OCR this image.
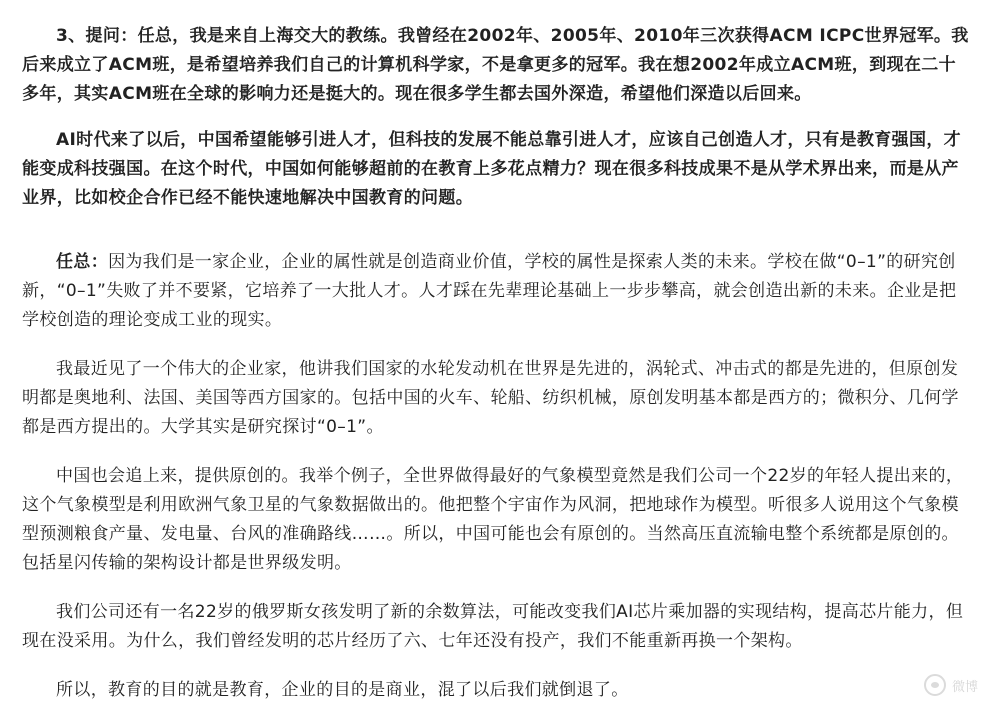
3、提问：任总，我是来自上海交大的教练。我曾经在2002年、2005年、2010年三次获得ACM ICPC世界冠军。我后来成立了ACM班，是希望培养我们自己的计算机科学家，不是拿更多的冠军。我在想2002年成立ACM班，到现在二十多年，其实ACM班在全球的影响力还是挺大的。现在很多学生都去国外深造，希望他们深造以后回来。

AI时代来了以后，中国希望能够引进人才，但科技的发展不能总靠引进人才，应该自己创造人才，只有是教育强国，才能变成科技强国。在这个时代，中国如何能够超前的在教育上多花点精力？现在很多科技成果不是从学术界出来，而是从产业界，比如校企合作已经不能快速地解决中国教育的问题。

任总：因为我们是一家企业，企业的属性就是创造商业价值，学校的属性是探索人类的未来。学校在做“0–1”的研究创新，“0–1”失败了并不要紧，它培养了一大批人才。人才踩在先辈理论基础上一步步攀高，就会创造出新的未来。企业是把学校创造的理论变成工业的现实。

我最近见了一个伟大的企业家，他讲我们国家的水轮发动机在世界是先进的，涡轮式、冲击式的都是先进的，但原创发明都是奥地利、法国、美国等西方国家的。包括中国的火车、轮船、纺织机械，原创发明基本都是西方的；微积分、几何学都是西方提出的。大学其实是研究探讨“0–1”。

中国也会追上来，提供原创的。我举个例子，全世界做得最好的气象模型竟然是我们公司一个22岁的年轻人提出来的，这个气象模型是利用欧洲气象卫星的气象数据做出的。他把整个宇宙作为风洞，把地球作为模型。听很多人说用这个气象模型预测粮食产量、发电量、台风的准确路线……。所以，中国可能也会有原创的。当然高压直流输电整个系统都是原创的。包括星闪传输的架构设计都是世界级发明。

我们公司还有一名22岁的俄罗斯女孩发明了新的余数算法，可能改变我们AI芯片乘加器的实现结构，提高芯片能力，但现在没采用。为什么，我们曾经发明的芯片经历了六、七年还没有投产，我们不能重新再换一个架构。

所以，教育的目的就是教育，企业的目的是商业，混了以后我们就倒退了。	微博
